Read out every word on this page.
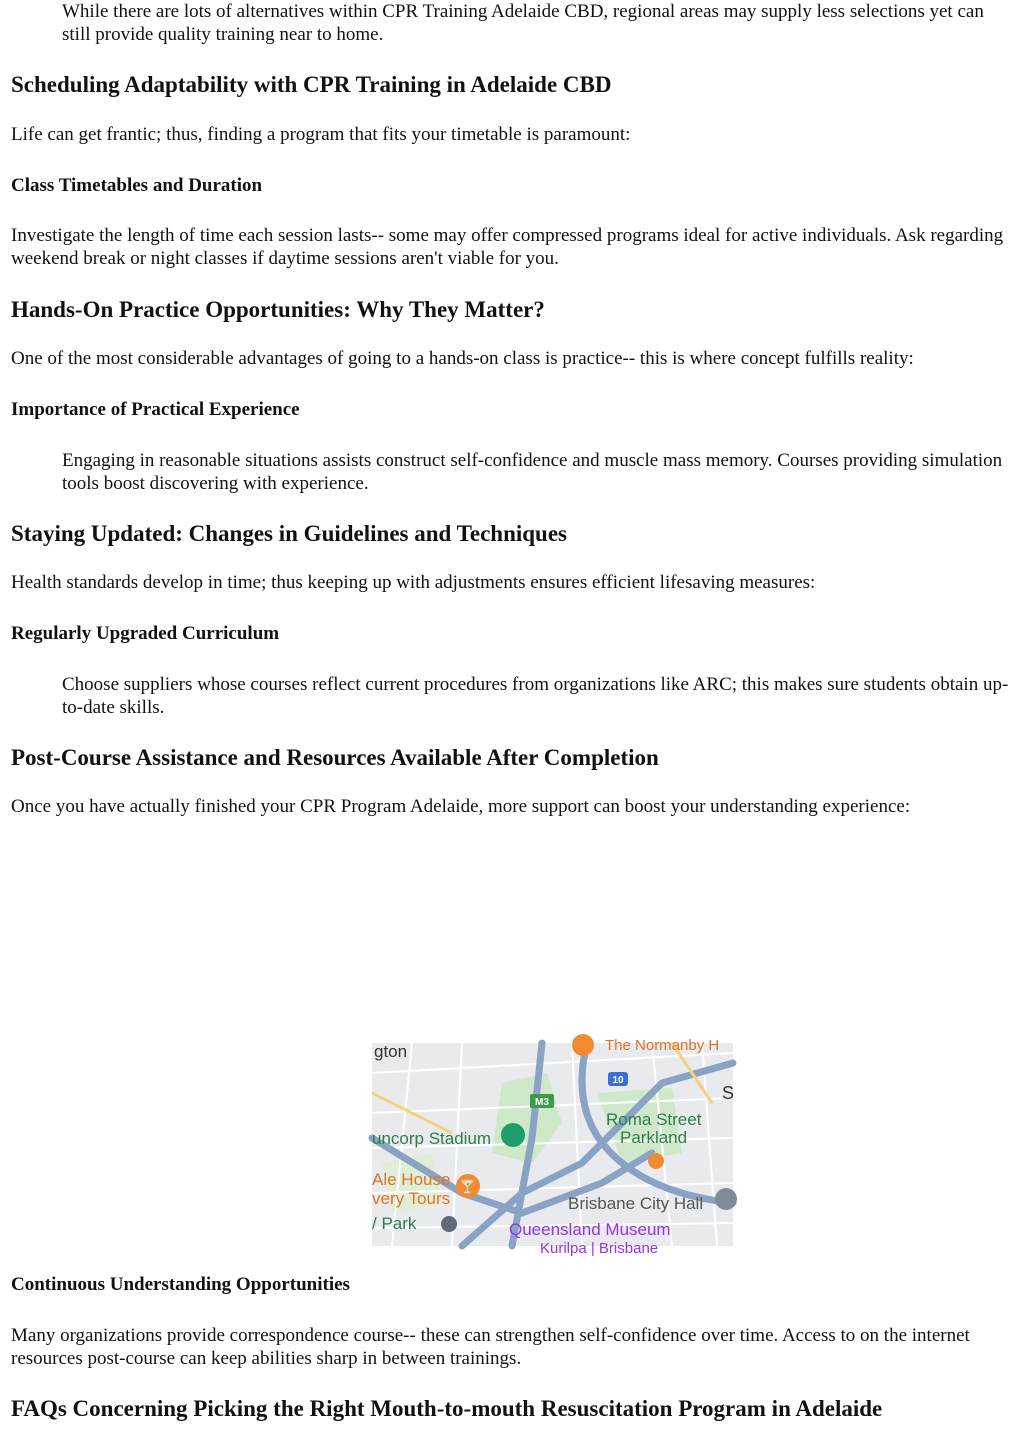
While there are lots of alternatives within CPR Training Adelaide CBD, regional areas may supply less selections yet can still provide quality training near to home.

Scheduling Adaptability with CPR Training in Adelaide CBD

Life can get frantic; thus, finding a program that fits your timetable is paramount:

Class Timetables and Duration

Investigate the length of time each session lasts-- some may offer compressed programs ideal for active individuals. Ask regarding weekend break or night classes if daytime sessions aren't viable for you.

Hands-On Practice Opportunities: Why They Matter?

One of the most considerable advantages of going to a hands-on class is practice-- this is where concept fulfills reality:

Importance of Practical Experience

Engaging in reasonable situations assists construct self-confidence and muscle mass memory. Courses providing simulation tools boost discovering with experience.

Staying Updated: Changes in Guidelines and Techniques

Health standards develop in time; thus keeping up with adjustments ensures efficient lifesaving measures:

Regularly Upgraded Curriculum

Choose suppliers whose courses reflect current procedures from organizations like ARC; this makes sure students obtain up-to-date skills.

Post-Course Assistance and Resources Available After Completion

Once you have actually finished your CPR Program Adelaide, more support can boost your understanding experience:

Continuous Understanding Opportunities

Many organizations provide correspondence course-- these can strengthen self-confidence over time. Access to on the internet resources post-course can keep abilities sharp in between trainings.

FAQs Concerning Picking the Right Mouth-to-mouth Resuscitation Program in Adelaide
10
M3
🍸
gton	The Normanby H
S
Roma Street
Parkland
uncorp Stadium
Ale House
very Tours
/ Park
Brisbane City Hall
Queensland Museum
Kurilpa | Brisbane
